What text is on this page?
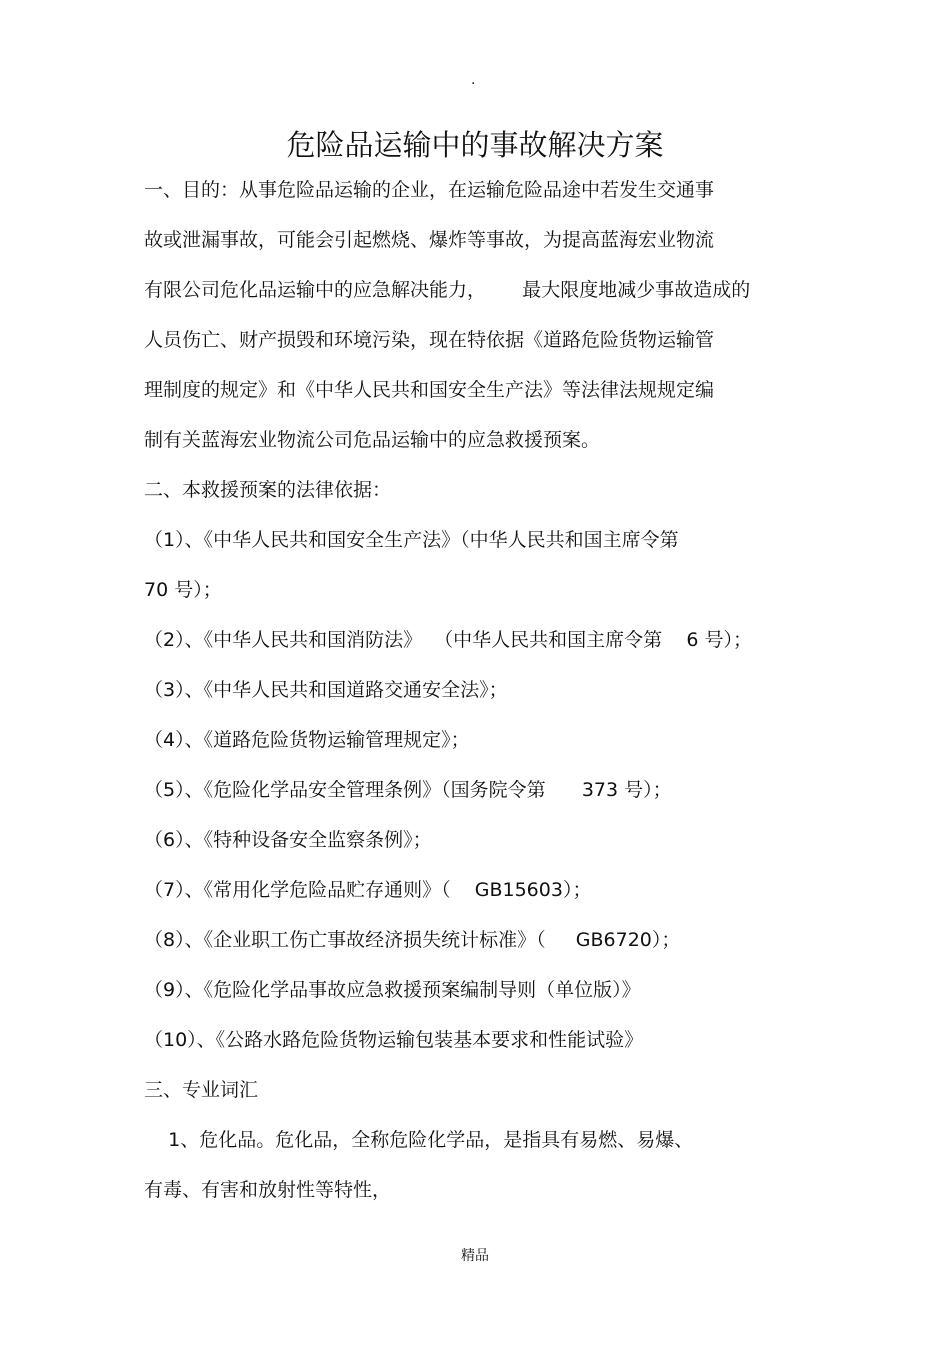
.
危险品运输中的事故解决方案
一、目的：从事危险品运输的企业，在运输危险品途中若发生交通事
故或泄漏事故，可能会引起燃烧、爆炸等事故，为提高蓝海宏业物流
有限公司危化品运输中的应急解决能力，      最大限度地减少事故造成的
人员伤亡、财产损毁和环境污染，现在特依据《道路危险货物运输管
理制度的规定》和《中华人民共和国安全生产法》等法律法规规定编
制有关蓝海宏业物流公司危品运输中的应急救援预案。
二、本救援预案的法律依据：
（1）、《中华人民共和国安全生产法》（中华人民共和国主席令第
70 号）；
（2）、《中华人民共和国消防法》  （中华人民共和国主席令第    6 号）；
（3）、《中华人民共和国道路交通安全法》；
（4）、《道路危险货物运输管理规定》；
（5）、《危险化学品安全管理条例》（国务院令第      373 号）；
（6）、《特种设备安全监察条例》；
（7）、《常用化学危险品贮存通则》（    GB15603）；
（8）、《企业职工伤亡事故经济损失统计标准》（     GB6720）；
（9）、《危险化学品事故应急救援预案编制导则（单位版）》
（10）、《公路水路危险货物运输包装基本要求和性能试验》
三、专业词汇
1、危化品。危化品，全称危险化学品，是指具有易燃、易爆、
有毒、有害和放射性等特性，
精品
